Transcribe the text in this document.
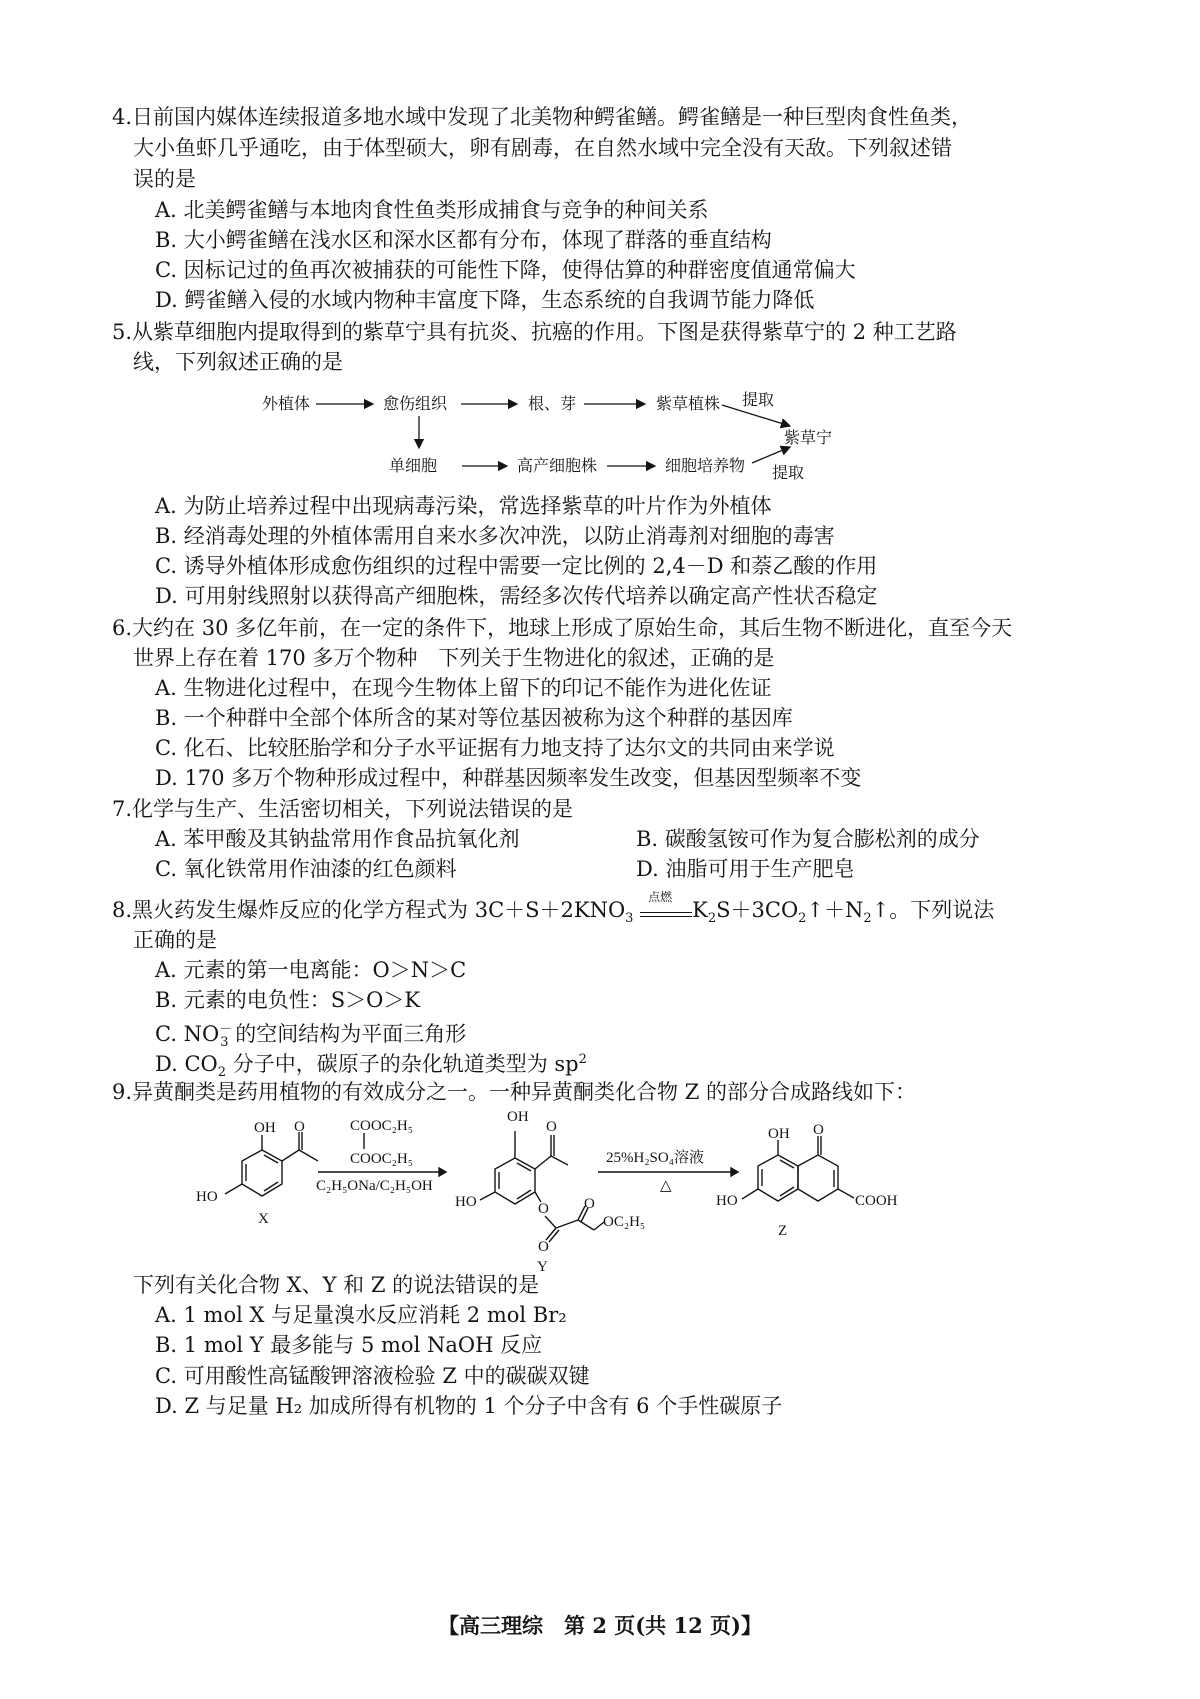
4.日前国内媒体连续报道多地水域中发现了北美物种鳄雀鳝。鳄雀鳝是一种巨型肉食性鱼类，
大小鱼虾几乎通吃，由于体型硕大，卵有剧毒，在自然水域中完全没有天敌。下列叙述错
误的是
A. 北美鳄雀鳝与本地肉食性鱼类形成捕食与竞争的种间关系
B. 大小鳄雀鳝在浅水区和深水区都有分布，体现了群落的垂直结构
C. 因标记过的鱼再次被捕获的可能性下降，使得估算的种群密度值通常偏大
D. 鳄雀鳝入侵的水域内物种丰富度下降，生态系统的自我调节能力降低
5.从紫草细胞内提取得到的紫草宁具有抗炎、抗癌的作用。下图是获得紫草宁的 2 种工艺路
线，下列叙述正确的是
外植体	愈伤组织	根、芽	紫草植株 提取
紫草宁
单细胞	高产细胞株	细胞培养物 提取
A. 为防止培养过程中出现病毒污染，常选择紫草的叶片作为外植体
B. 经消毒处理的外植体需用自来水多次冲洗，以防止消毒剂对细胞的毒害
C. 诱导外植体形成愈伤组织的过程中需要一定比例的 2,4－D 和萘乙酸的作用
D. 可用射线照射以获得高产细胞株，需经多次传代培养以确定高产性状否稳定
6.大约在 30 多亿年前，在一定的条件下，地球上形成了原始生命，其后生物不断进化，直至今天
世界上存在着 170 多万个物种　下列关于生物进化的叙述，正确的是
A. 生物进化过程中，在现今生物体上留下的印记不能作为进化佐证
B. 一个种群中全部个体所含的某对等位基因被称为这个种群的基因库
C. 化石、比较胚胎学和分子水平证据有力地支持了达尔文的共同由来学说
D. 170 多万个物种形成过程中，种群基因频率发生改变，但基因型频率不变
7.化学与生产、生活密切相关，下列说法错误的是
A. 苯甲酸及其钠盐常用作食品抗氧化剂	B. 碳酸氢铵可作为复合膨松剂的成分
C. 氧化铁常用作油漆的红色颜料	D. 油脂可用于生产肥皂
8.黑火药发生爆炸反应的化学方程式为 $3C+S+2KNO_3$
点燃
$K_2S+3CO_2↑+N_2↑$。下列说法
正确的是
A. 元素的第一电离能：O＞N＞C
B. 元素的电负性：S＞O＞K
C. $NO^-_3$ 的空间结构为平面三角形
D. $CO_2$ 分子中，碳原子的杂化轨道类型为 $sp^2$
9.异黄酮类是药用植物的有效成分之一。一种异黄酮类化合物 Z 的部分合成路线如下：
OH O
HO
X
COOC₂H₅
COOC₂H₅
C₂H₅ONa/C₂H₅OH
OH
O
HO	O
O
O
OC₂H₅
Y
25%H₂SO₄溶液
△
OH O
HO	COOH
Z
下列有关化合物 X、Y 和 Z 的说法错误的是
A. 1 mol X 与足量溴水反应消耗 2 mol Br₂
B. 1 mol Y 最多能与 5 mol NaOH 反应
C. 可用酸性高锰酸钾溶液检验 Z 中的碳碳双键
D. Z 与足量 H₂ 加成所得有机物的 1 个分子中含有 6 个手性碳原子
【高三理综　第 2 页(共 12 页)】
